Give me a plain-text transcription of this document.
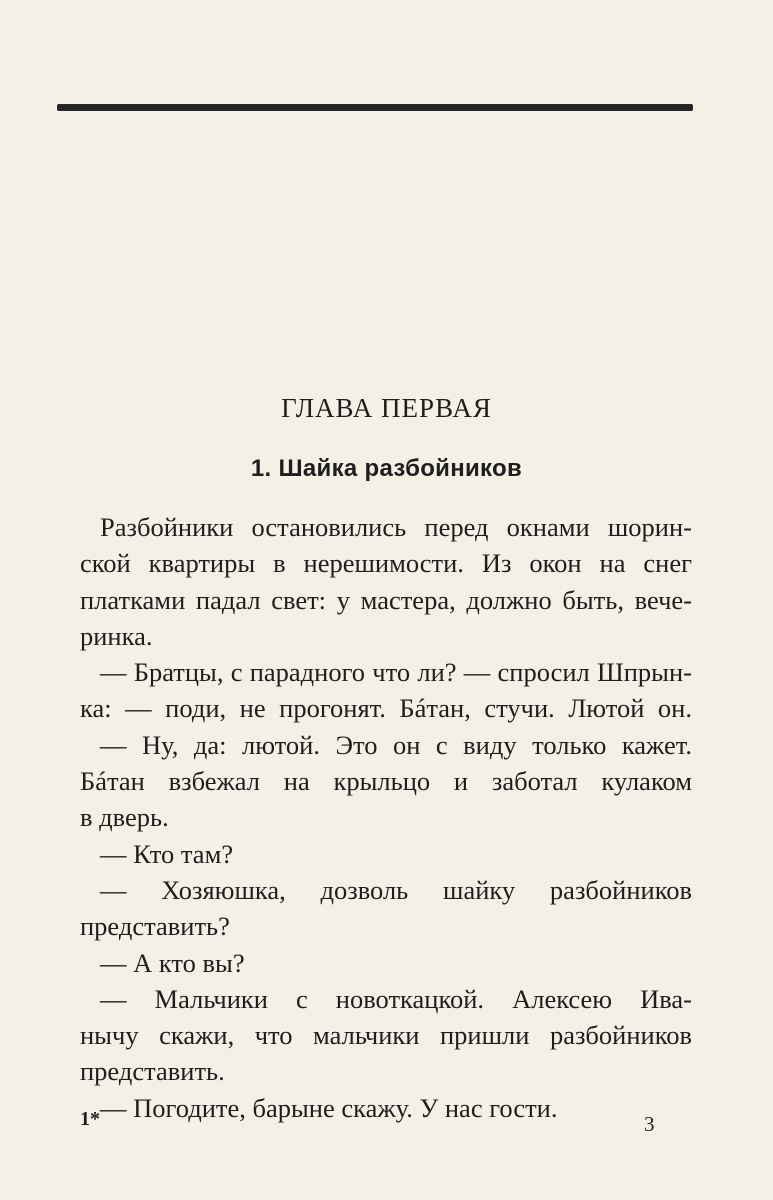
ГЛАВА ПЕРВАЯ
1. Шайка разбойников
Разбойники остановились перед окнами шорин-
ской квартиры в нерешимости. Из окон на снег
платками падал свет: у мастера, должно быть, вече-
ринка.
— Братцы, с парадного что ли? — спросил Шпрын-
ка: — поди, не прогонят. Бáтан, стучи. Лютой он.
— Ну, да: лютой. Это он с виду только кажет.
Бáтан взбежал на крыльцо и заботал кулаком
в дверь.
— Кто там?
— Хозяюшка, дозволь шайку разбойников
представить?
— А кто вы?
— Мальчики с новоткацкой. Алексею Ива-
нычу скажи, что мальчики пришли разбойников
представить.
— Погодите, барыне скажу. У нас гости.
1*	3
